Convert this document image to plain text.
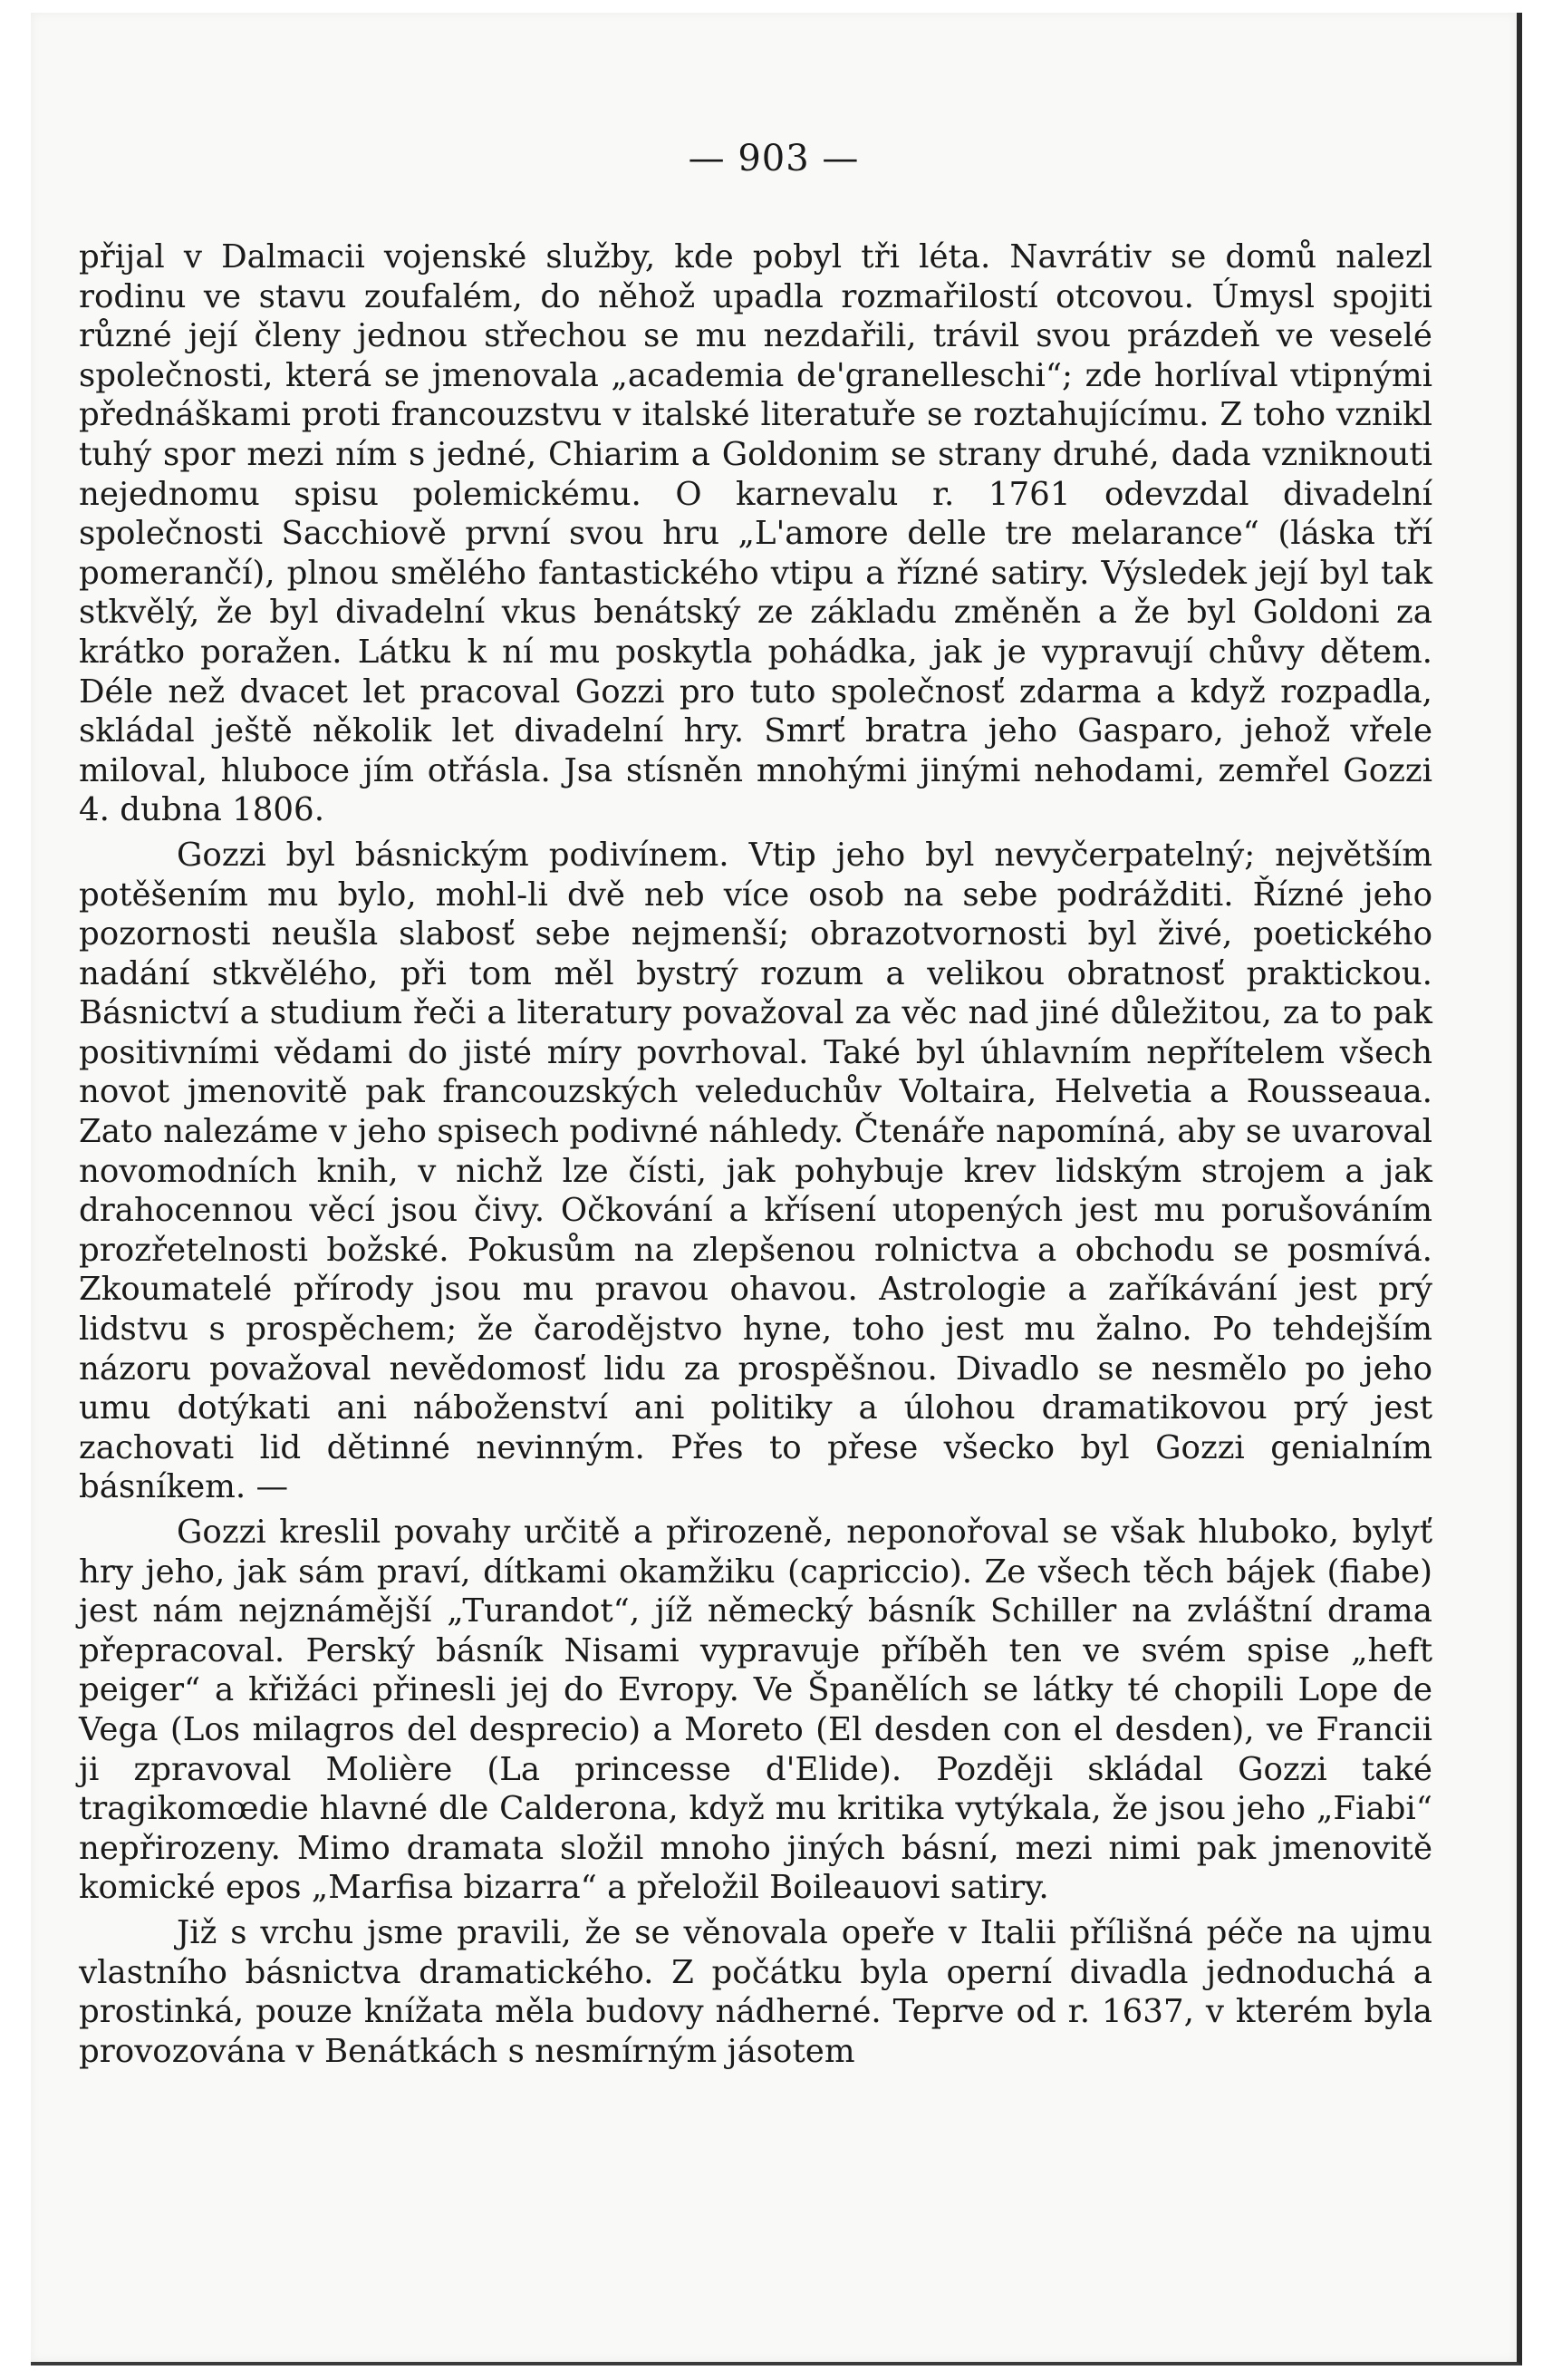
— 903 —

přijal v Dalmacii vojenské služby, kde pobyl tři léta. Navrátiv se domů nalezl rodinu ve stavu zoufalém, do něhož upadla rozmařilostí otcovou. Úmysl spojiti různé její členy jednou střechou se mu nezdařili, trávil svou prázdeň ve veselé společnosti, která se jmenovala „academia de'granelleschi“; zde horlíval vtipnými přednáškami proti francouzstvu v italské literatuře se roztahujícímu. Z toho vznikl tuhý spor mezi ním s jedné, Chiarim a Goldonim se strany druhé, dada vzniknouti nejednomu spisu polemickému. O karnevalu r. 1761 odevzdal divadelní společnosti Sacchiově první svou hru „L'amore delle tre melarance“ (láska tří pomerančí), plnou smělého fantastického vtipu a řízné satiry. Výsledek její byl tak stkvělý, že byl divadelní vkus benátský ze základu změněn a že byl Goldoni za krátko poražen. Látku k ní mu poskytla pohádka, jak je vypravují chůvy dětem. Déle než dvacet let pracoval Gozzi pro tuto společnosť zdarma a když rozpadla, skládal ještě několik let divadelní hry. Smrť bratra jeho Gasparo, jehož vřele miloval, hluboce jím otřásla. Jsa stísněn mnohými jinými nehodami, zemřel Gozzi 4. dubna 1806.

Gozzi byl básnickým podivínem. Vtip jeho byl nevyčerpatelný; největším potěšením mu bylo, mohl-li dvě neb více osob na sebe podrážditi. Řízné jeho pozornosti neušla slabosť sebe nejmenší; obrazotvornosti byl živé, poetického nadání stkvělého, při tom měl bystrý rozum a velikou obratnosť praktickou. Básnictví a studium řeči a literatury považoval za věc nad jiné důležitou, za to pak positivními vědami do jisté míry povrhoval. Také byl úhlavním nepřítelem všech novot jmenovitě pak francouzských veleduchův Voltaira, Helvetia a Rousseaua. Zato nalezáme v jeho spisech podivné náhledy. Čtenáře napomíná, aby se uvaroval novomodních knih, v nichž lze čísti, jak pohybuje krev lidským strojem a jak drahocennou věcí jsou čivy. Očkování a křísení utopených jest mu porušováním prozřetelnosti božské. Pokusům na zlepšenou rolnictva a obchodu se posmívá. Zkoumatelé přírody jsou mu pravou ohavou. Astrologie a zaříkávání jest prý lidstvu s prospěchem; že čarodějstvo hyne, toho jest mu žalno. Po tehdejším názoru považoval nevědomosť lidu za prospěšnou. Divadlo se nesmělo po jeho umu dotýkati ani náboženství ani politiky a úlohou dramatikovou prý jest zachovati lid dětinné nevinným. Přes to přese všecko byl Gozzi genialním básníkem. —

Gozzi kreslil povahy určitě a přirozeně, neponořoval se však hluboko, bylyť hry jeho, jak sám praví, dítkami okamžiku (capriccio). Ze všech těch bájek (fiabe) jest nám nejznámější „Turandot“, jíž německý básník Schiller na zvláštní drama přepracoval. Perský básník Nisami vypravuje příběh ten ve svém spise „heft peiger“ a křižáci přinesli jej do Evropy. Ve Španělích se látky té chopili Lope de Vega (Los milagros del desprecio) a Moreto (El desden con el desden), ve Francii ji zpravoval Molière (La princesse d'Elide). Později skládal Gozzi také tragikomœdie hlavné dle Calderona, když mu kritika vytýkala, že jsou jeho „Fiabi“ nepřirozeny. Mimo dramata složil mnoho jiných básní, mezi nimi pak jmenovitě komické epos „Marfisa bizarra“ a přeložil Boileauovi satiry.

Již s vrchu jsme pravili, že se věnovala opeře v Italii přílišná péče na ujmu vlastního básnictva dramatického. Z počátku byla operní divadla jednoduchá a prostinká, pouze knížata měla budovy nádherné. Teprve od r. 1637, v kterém byla provozována v Benátkách s nesmírným jásotem
